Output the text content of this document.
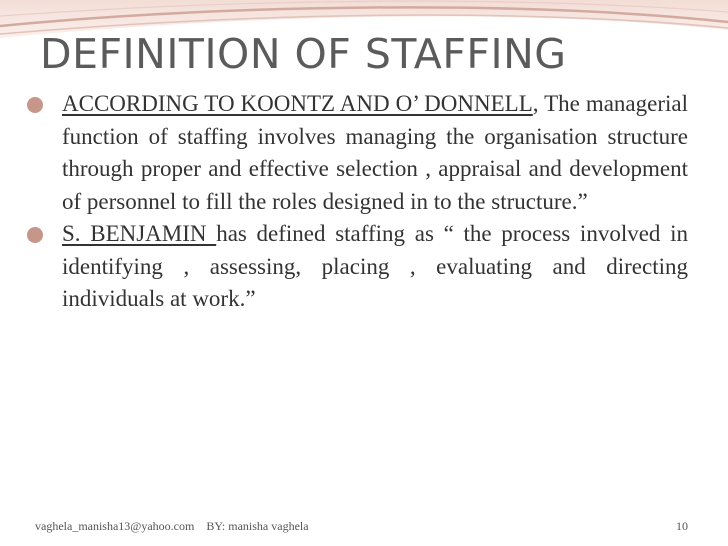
DEFINITION OF STAFFING

ACCORDING TO KOONTZ AND O’ DONNELL, The managerial function of staffing involves managing the organisation structure through proper and effective selection , appraisal and development of personnel to fill the roles designed in to the structure.”

S. BENJAMIN has defined staffing as “ the process involved in identifying , assessing, placing , evaluating and directing individuals at work.”

vaghela_manisha13@yahoo.com BY: manisha vaghela	10
